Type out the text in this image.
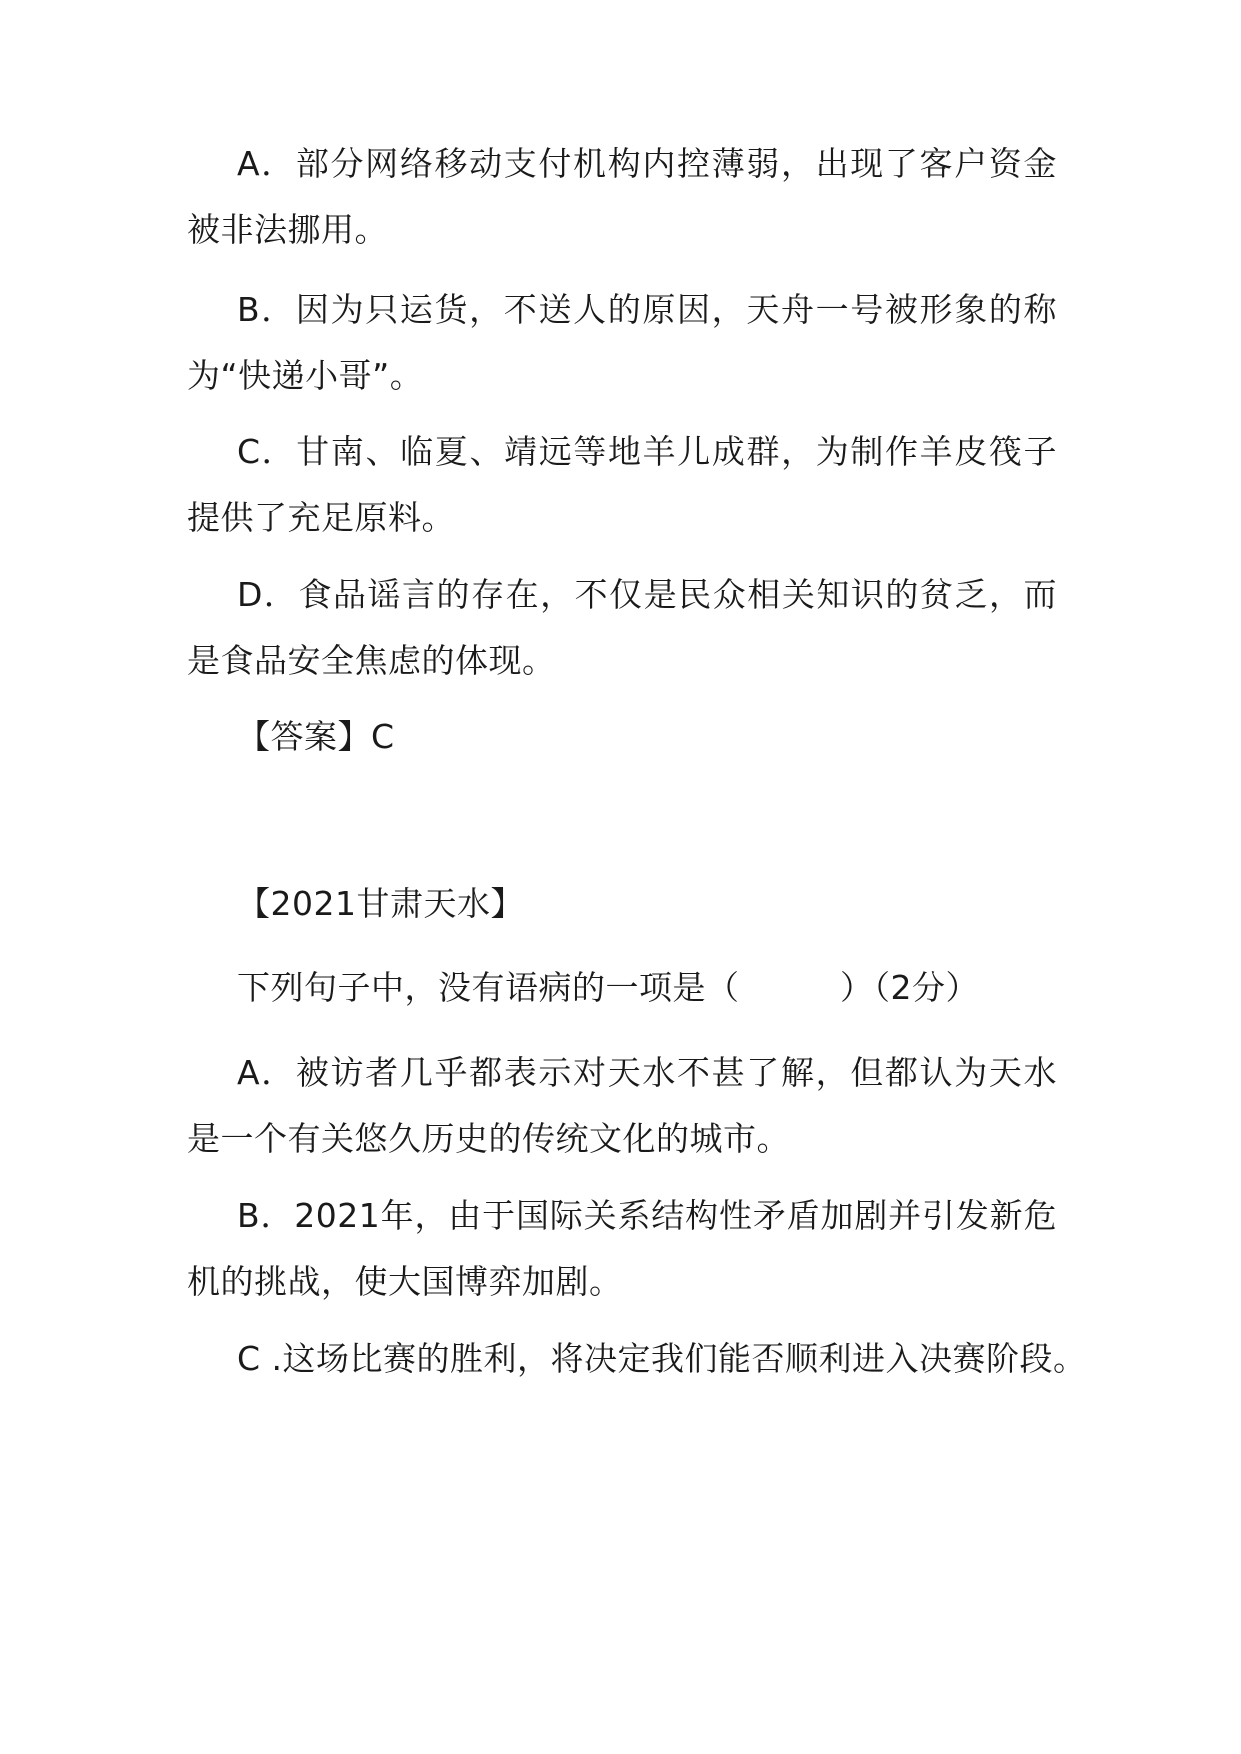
A．部分网络移动支付机构内控薄弱，出现了客户资金被非法挪用。

B．因为只运货，不送人的原因，天舟一号被形象的称为“快递小哥”。

C．甘南、临夏、靖远等地羊儿成群，为制作羊皮筏子提供了充足原料。

D．食品谣言的存在，不仅是民众相关知识的贫乏，而是食品安全焦虑的体现。

【答案】C

【2021甘肃天水】

下列句子中，没有语病的一项是（　　　）（2分）

A．被访者几乎都表示对天水不甚了解，但都认为天水是一个有关悠久历史的传统文化的城市。

B．2021年，由于国际关系结构性矛盾加剧并引发新危机的挑战，使大国博弈加剧。

C .这场比赛的胜利，将决定我们能否顺利进入决赛阶段。
